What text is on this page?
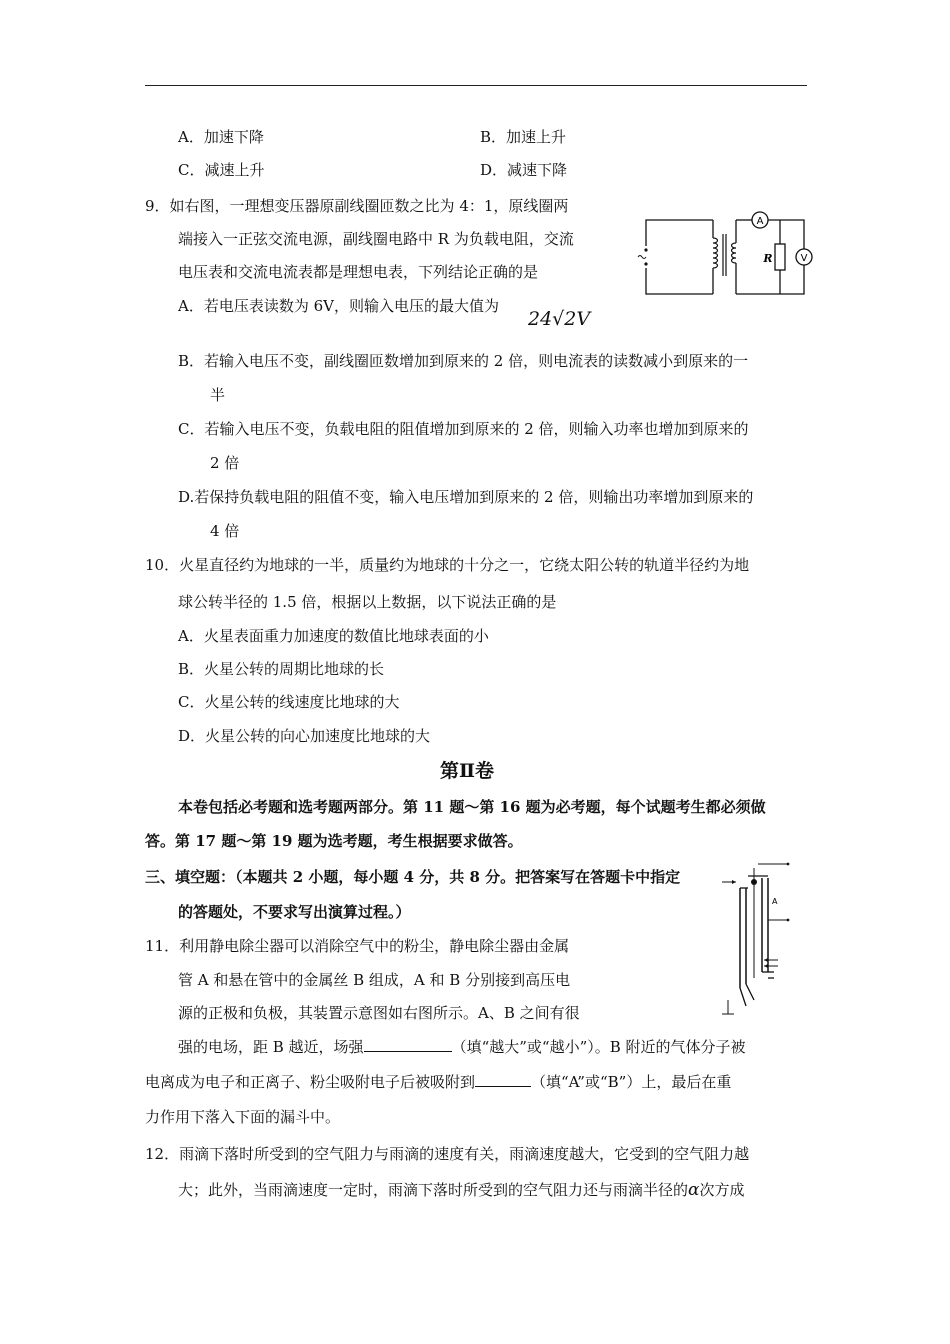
A．加速下降	B．加速上升
C．减速上升	D．减速下降
9．如右图，一理想变压器原副线圈匝数之比为 4：1，原线圈两
端接入一正弦交流电源，副线圈电路中 R 为负载电阻，交流
电压表和交流电流表都是理想电表，下列结论正确的是
A．若电压表读数为 6V，则输入电压的最大值为
24√2V
B．若输入电压不变，副线圈匝数增加到原来的 2 倍，则电流表的读数减小到原来的一
半
C．若输入电压不变，负载电阻的阻值增加到原来的 2 倍，则输入功率也增加到原来的
2 倍
D.若保持负载电阻的阻值不变，输入电压增加到原来的 2 倍，则输出功率增加到原来的
4 倍
A
V
R
10．火星直径约为地球的一半，质量约为地球的十分之一，它绕太阳公转的轨道半径约为地
球公转半径的 1.5 倍，根据以上数据，以下说法正确的是
A．火星表面重力加速度的数值比地球表面的小
B．火星公转的周期比地球的长
C．火星公转的线速度比地球的大
D．火星公转的向心加速度比地球的大
第Ⅱ卷
本卷包括必考题和选考题两部分。第 11 题～第 16 题为必考题，每个试题考生都必须做
答。第 17 题～第 19 题为选考题，考生根据要求做答。
三、填空题：（本题共 2 小题，每小题 4 分，共 8 分。把答案写在答题卡中指定
的答题处，不要求写出演算过程。）
A
11．利用静电除尘器可以消除空气中的粉尘，静电除尘器由金属
管 A 和悬在管中的金属丝 B 组成，A 和 B 分别接到高压电
源的正极和负极，其装置示意图如右图所示。A、B 之间有很
强的电场，距 B 越近，场强	（填“越大”或“越小”）。B 附近的气体分子被
电离成为电子和正离子、粉尘吸附电子后被吸附到	（填“A”或“B”）上，最后在重
力作用下落入下面的漏斗中。
12．雨滴下落时所受到的空气阻力与雨滴的速度有关，雨滴速度越大，它受到的空气阻力越
大；此外，当雨滴速度一定时，雨滴下落时所受到的空气阻力还与雨滴半径的α次方成
